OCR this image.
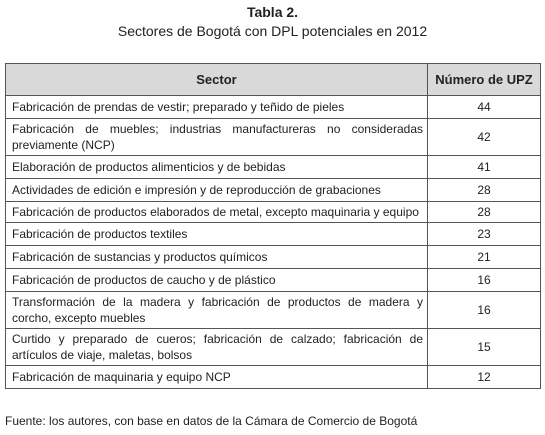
Tabla 2.
Sectores de Bogotá con DPL potenciales en 2012
Sector	Número de UPZ
Fabricación de prendas de vestir; preparado y teñido de pieles	44
Fabricación de muebles; industrias manufactureras no consideradas previamente (NCP)	42
Elaboración de productos alimenticios y de bebidas	41
Actividades de edición e impresión y de reproducción de grabaciones	28
Fabricación de productos elaborados de metal, excepto maquinaria y equipo	28
Fabricación de productos textiles	23
Fabricación de sustancias y productos químicos	21
Fabricación de productos de caucho y de plástico	16
Transformación de la madera y fabricación de productos de madera y corcho, excepto muebles	16
Curtido y preparado de cueros; fabricación de calzado; fabricación de artículos de viaje, maletas, bolsos	15
Fabricación de maquinaria y equipo NCP	12
Fuente: los autores, con base en datos de la Cámara de Comercio de Bogotá
